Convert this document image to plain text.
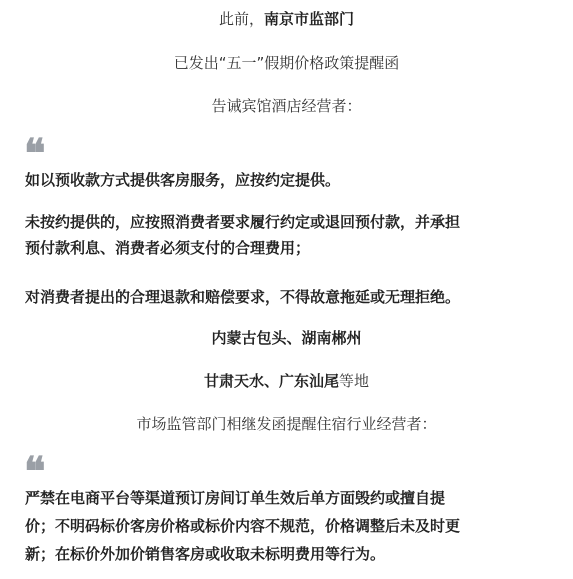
此前，南京市监部门
已发出“五一”假期价格政策提醒函
告诫宾馆酒店经营者：
❝
如以预收款方式提供客房服务，应按约定提供。
未按约提供的，应按照消费者要求履行约定或退回预付款，并承担
预付款利息、消费者必须支付的合理费用；
对消费者提出的合理退款和赔偿要求，不得故意拖延或无理拒绝。
内蒙古包头、湖南郴州
甘肃天水、广东汕尾等地
市场监管部门相继发函提醒住宿行业经营者：
❝
严禁在电商平台等渠道预订房间订单生效后单方面毁约或擅自提
价；不明码标价客房价格或标价内容不规范，价格调整后未及时更
新；在标价外加价销售客房或收取未标明费用等行为。
